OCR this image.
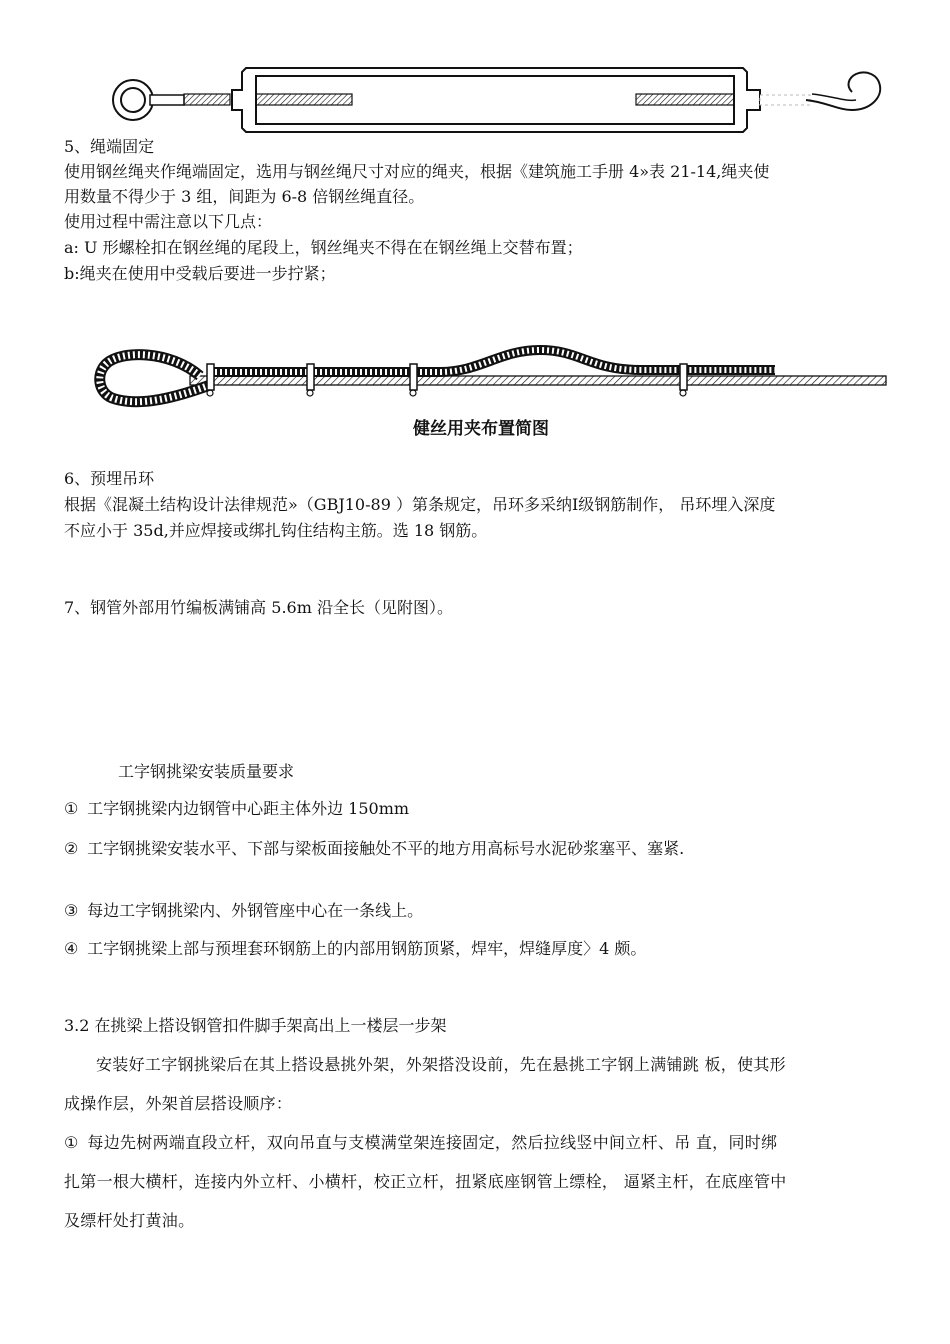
5、绳端固定
使用钢丝绳夹作绳端固定，选用与钢丝绳尺寸对应的绳夹，根据《建筑施工手册 4»表 21-14,绳夹使
用数量不得少于 3 组，间距为 6-8 倍钢丝绳直径。
使用过程中需注意以下几点：
a: U 形螺栓扣在钢丝绳的尾段上，钢丝绳夹不得在在钢丝绳上交替布置；
b:绳夹在使用中受载后要进一步拧紧；
健丝用夹布置简图
6、预埋吊环
根据《混凝土结构设计法律规范»（GBJ10-89 ）第条规定，吊环多采纳Ⅰ级钢筋制作， 吊环埋入深度
不应小于 35d,并应焊接或绑扎钩住结构主筋。选 18 钢筋。
7、钢管外部用竹编板满铺高 5.6m 沿全长（见附图）。
工字钢挑梁安装质量要求
① 工字钢挑梁内边钢管中心距主体外边 150mm
② 工字钢挑梁安装水平、下部与梁板面接触处不平的地方用高标号水泥砂浆塞平、塞紧.
③ 每边工字钢挑梁内、外钢管座中心在一条线上。
④ 工字钢挑梁上部与预埋套环钢筋上的内部用钢筋顶紧，焊牢，焊缝厚度〉4 颇。
3.2 在挑梁上搭设钢管扣件脚手架高出上一楼层一步架
安装好工字钢挑梁后在其上搭设悬挑外架，外架搭没设前，先在悬挑工字钢上满铺跳 板，使其形
成操作层，外架首层搭设顺序：
① 每边先树两端直段立杆，双向吊直与支模满堂架连接固定，然后拉线竖中间立杆、吊 直，同时绑
扎第一根大横杆，连接内外立杆、小横杆，校正立杆，扭紧底座钢管上缥栓， 逼紧主杆，在底座管中
及缥杆处打黄油。
